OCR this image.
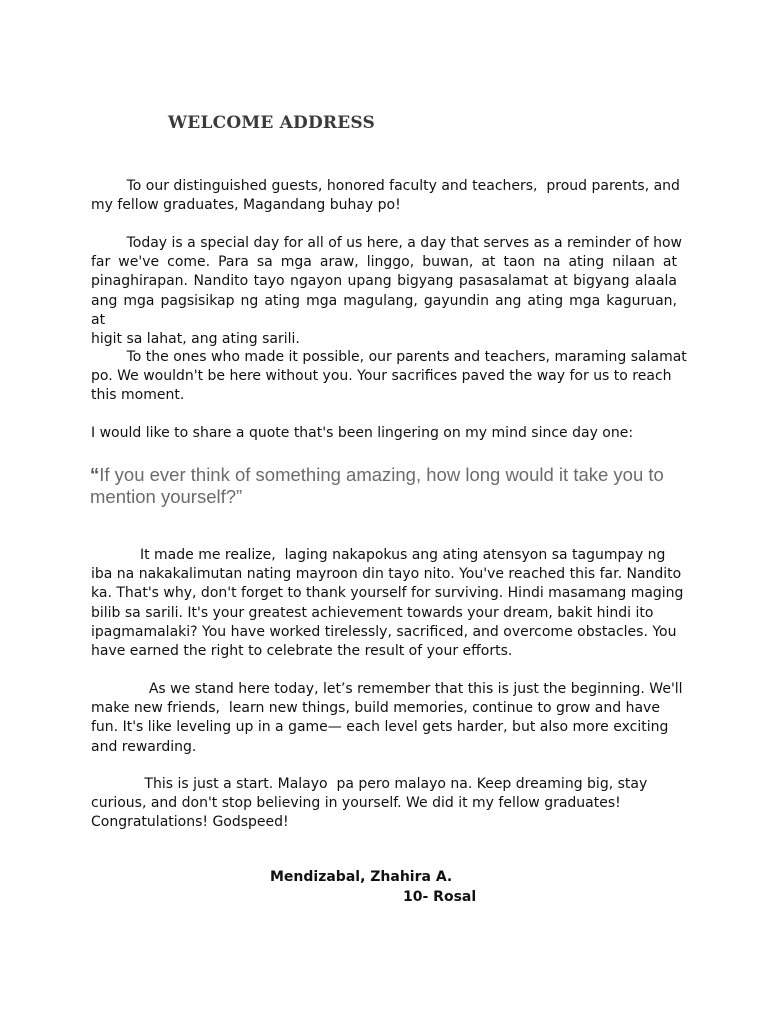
WELCOME ADDRESS
To our distinguished guests, honored faculty and teachers,  proud parents, and
my fellow graduates, Magandang buhay po!
Today is a special day for all of us here, a day that serves as a reminder of how
far we've come. Para sa mga araw, linggo, buwan, at taon na ating nilaan at
pinaghirapan. Nandito tayo ngayon upang bigyang pasasalamat at bigyang alaala
ang mga pagsisikap ng ating mga magulang, gayundin ang ating mga kaguruan, at
higit sa lahat, ang ating sarili.
To the ones who made it possible, our parents and teachers, maraming salamat
po. We wouldn't be here without you. Your sacrifices paved the way for us to reach
this moment.
I would like to share a quote that's been lingering on my mind since day one:
“If you ever think of something amazing, how long would it take you to
mention yourself?”
It made me realize,  laging nakapokus ang ating atensyon sa tagumpay ng
iba na nakakalimutan nating mayroon din tayo nito. You've reached this far. Nandito
ka. That's why, don't forget to thank yourself for surviving. Hindi masamang maging
bilib sa sarili. It's your greatest achievement towards your dream, bakit hindi ito
ipagmamalaki? You have worked tirelessly, sacrificed, and overcome obstacles. You
have earned the right to celebrate the result of your efforts.
As we stand here today, let’s remember that this is just the beginning. We'll
make new friends,  learn new things, build memories, continue to grow and have
fun. It's like leveling up in a game— each level gets harder, but also more exciting
and rewarding.
This is just a start. Malayo  pa pero malayo na. Keep dreaming big, stay
curious, and don't stop believing in yourself. We did it my fellow graduates!
Congratulations! Godspeed!
Mendizabal, Zhahira A.
10- Rosal
